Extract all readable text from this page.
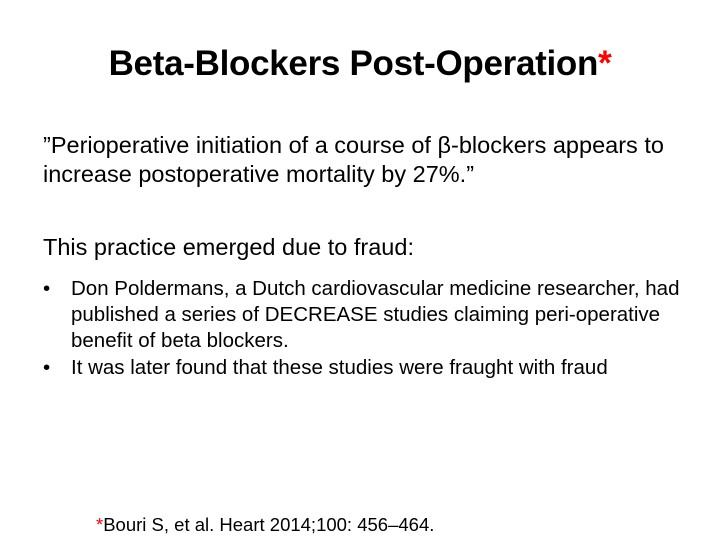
Beta-Blockers Post-Operation*
”Perioperative initiation of a course of β-blockers appears to increase postoperative mortality by 27%.”
This practice emerged due to fraud:
• Don Poldermans, a Dutch cardiovascular medicine researcher, had published a series of DECREASE studies claiming peri-operative benefit of beta blockers.
• It was later found that these studies were fraught with fraud
*Bouri S, et al. Heart 2014;100: 456–464.
